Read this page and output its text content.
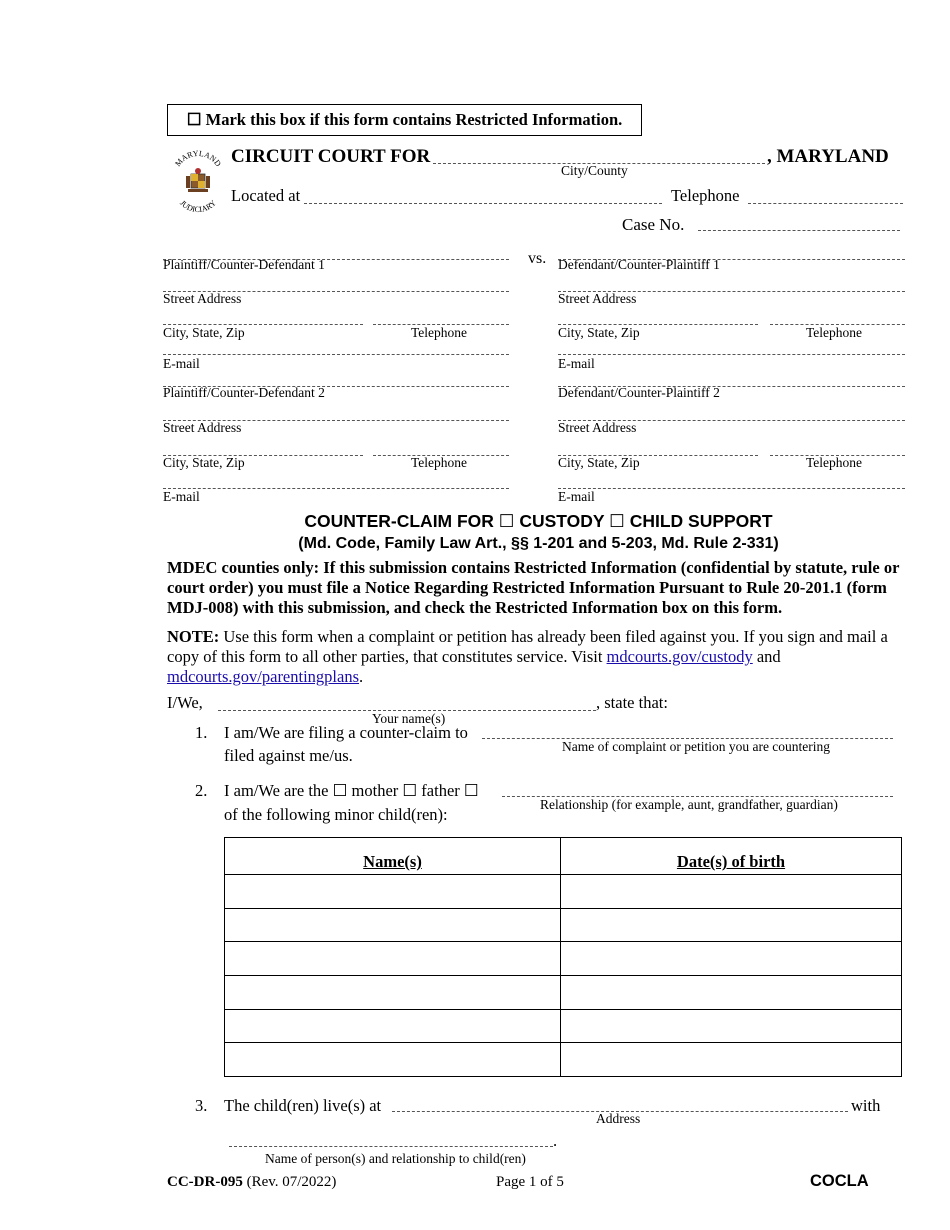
☐ Mark this box if this form contains Restricted Information.
MARYLAND
JUDICIARY
CIRCUIT COURT FOR	, MARYLAND
City/County
Located at	Telephone
Case No.
vs.
Plaintiff/Counter-Defendant 1
Street Address
City, State, Zip	Telephone
E-mail
Plaintiff/Counter-Defendant 2
Street Address
City, State, Zip	Telephone
E-mail
Defendant/Counter-Plaintiff 1
Street Address
City, State, Zip	Telephone
E-mail
Defendant/Counter-Plaintiff 2
Street Address
City, State, Zip	Telephone
E-mail
COUNTER-CLAIM FOR ☐ CUSTODY ☐ CHILD SUPPORT
(Md. Code, Family Law Art., §§ 1-201 and 5-203, Md. Rule 2-331)
MDEC counties only: If this submission contains Restricted Information (confidential by statute, rule or court order) you must file a Notice Regarding Restricted Information Pursuant to Rule 20-201.1 (form MDJ-008) with this submission, and check the Restricted Information box on this form.
NOTE: Use this form when a complaint or petition has already been filed against you. If you sign and mail a copy of this form to all other parties, that constitutes service. Visit mdcourts.gov/custody and mdcourts.gov/parentingplans.
I/We,	, state that:
Your name(s)
1. I am/We are filing a counter-claim to
Name of complaint or petition you are countering
filed against me/us.
2. I am/We are the ☐ mother ☐ father ☐
Relationship (for example, aunt, grandfather, guardian)
of the following minor child(ren):
Name(s)	Date(s) of birth

3. The child(ren) live(s) at	with
Address
.
Name of person(s) and relationship to child(ren)
CC-DR-095 (Rev. 07/2022)	Page 1 of 5	COCLA
